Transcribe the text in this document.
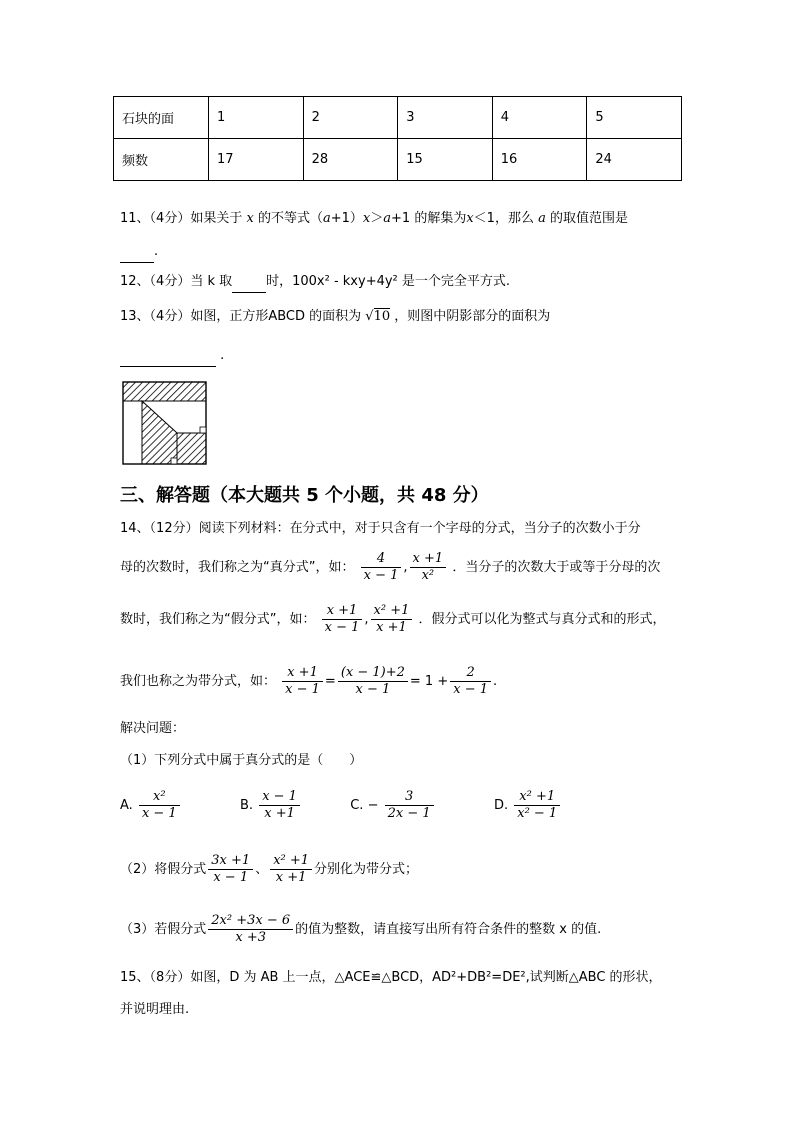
石块的面	1	2	3	4	5
频数	17	28	15	16	24
11、（4分）如果关于 x 的不等式（a+1）x＞a+1 的解集为x＜1，那么 a 的取值范围是
.
12、（4分）当 k 取	时，100x² ‑ kxy+4y² 是一个完全平方式.
13、（4分）如图，正方形ABCD 的面积为 √10 ，则图中阴影部分的面积为
.
三、解答题（本大题共 5 个小题，共 48 分）
14、（12分）阅读下列材料：在分式中，对于只含有一个字母的分式，当分子的次数小于分
母的次数时，我们称之为“真分式”，如： $\frac{4}{x - 1}$ , $\frac{x +1}{\text{x²}}$ ．当分子的次数大于或等于分母的次
数时，我们称之为“假分式”，如： $\frac{x +1}{x - 1}$ , $\frac{\text{x² +1}}{x +1}$ ．假分式可以化为整式与真分式和的形式，
我们也称之为带分式，如： $\frac{x +1}{x - 1} = \frac{(x - 1)+2}{x - 1} = 1 + \frac{2}{x - 1}$ .
解决问题：
（1）下列分式中属于真分式的是（　　）
A. $\frac{\text{x²}}{x - 1}$	B. $\frac{x - 1}{x +1}$	C. − $\frac{3}{2x - 1}$	D. $\frac{\text{x² +1}}{\text{x² − 1}}$
（2）将假分式 $\frac{3x +1}{x - 1}$ 、 $\frac{\text{x² +1}}{x +1}$ 分别化为带分式；
（3）若假分式 $\frac{\text{2x² +3x − 6}}{x +3}$ 的值为整数，请直接写出所有符合条件的整数 x 的值.
15、（8分）如图，D 为 AB 上一点，△ACE≌△BCD，AD²+DB²=DE²,试判断△ABC 的形状，
并说明理由.
